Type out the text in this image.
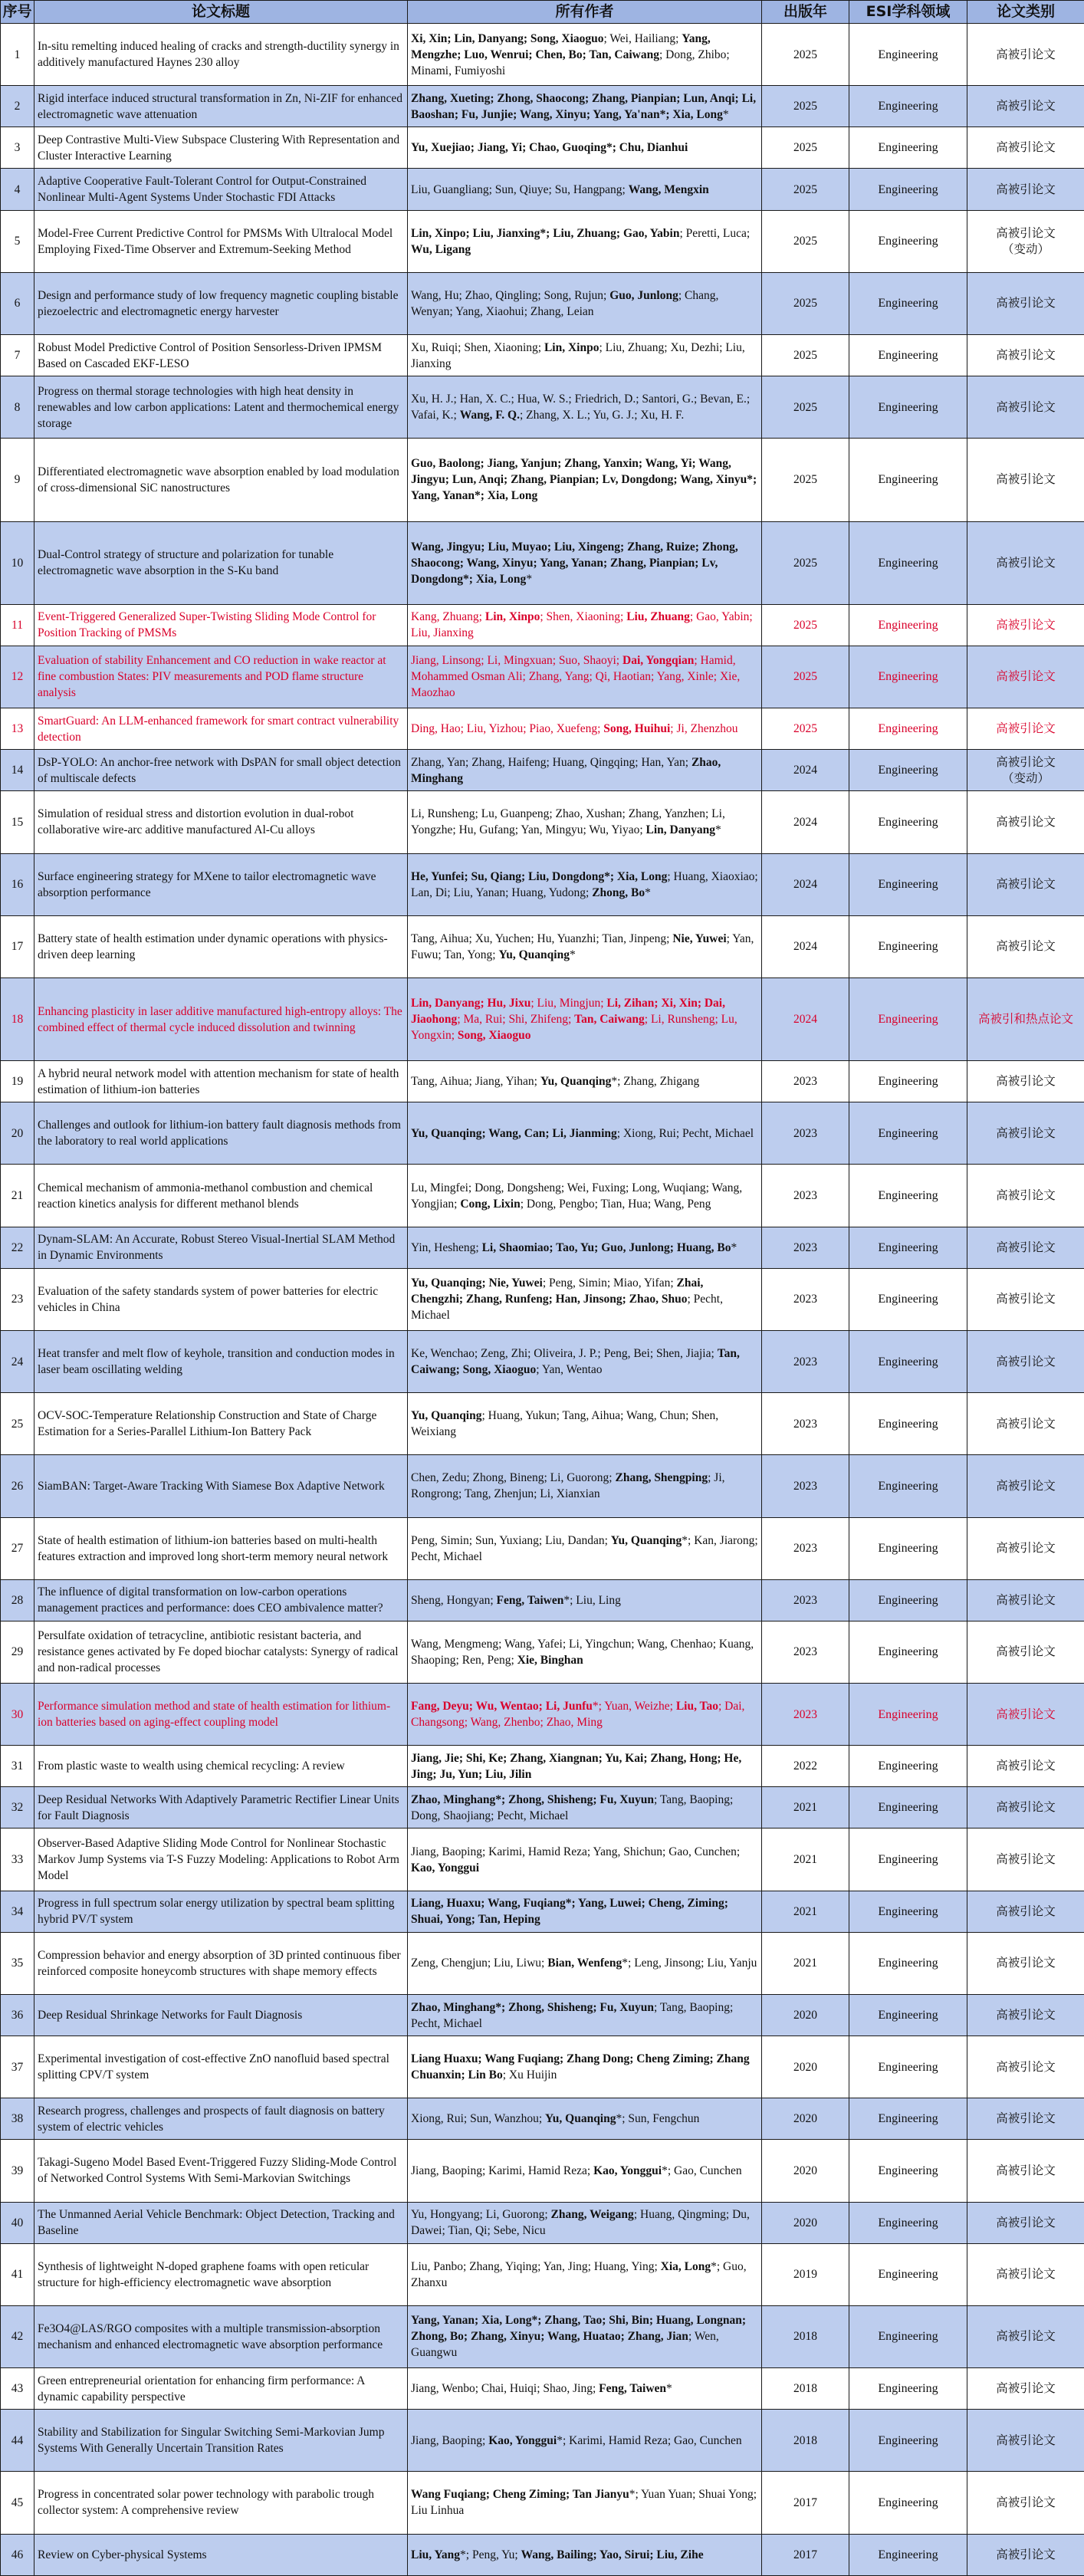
序号	论文标题	所有作者	出版年	ESI学科领域	论文类别
1	In-situ remelting induced healing of cracks and strength-ductility synergy in additively manufactured Haynes 230 alloy	Xi, Xin; Lin, Danyang; Song, Xiaoguo; Wei, Hailiang; Yang, Mengzhe; Luo, Wenrui; Chen, Bo; Tan, Caiwang; Dong, Zhibo; Minami, Fumiyoshi	2025	Engineering	高被引论文
2	Rigid interface induced structural transformation in Zn, Ni-ZIF for enhanced electromagnetic wave attenuation	Zhang, Xueting; Zhong, Shaocong; Zhang, Pianpian; Lun, Anqi; Li, Baoshan; Fu, Junjie; Wang, Xinyu; Yang, Ya'nan*; Xia, Long*	2025	Engineering	高被引论文
3	Deep Contrastive Multi-View Subspace Clustering With Representation and Cluster Interactive Learning	Yu, Xuejiao; Jiang, Yi; Chao, Guoqing*; Chu, Dianhui	2025	Engineering	高被引论文
4	Adaptive Cooperative Fault-Tolerant Control for Output-Constrained Nonlinear Multi-Agent Systems Under Stochastic FDI Attacks	Liu, Guangliang; Sun, Qiuye; Su, Hangpang; Wang, Mengxin	2025	Engineering	高被引论文
5	Model-Free Current Predictive Control for PMSMs With Ultralocal Model Employing Fixed-Time Observer and Extremum-Seeking Method	Lin, Xinpo; Liu, Jianxing*; Liu, Zhuang; Gao, Yabin; Peretti, Luca; Wu, Ligang	2025	Engineering	高被引论文
（变动）
6	Design and performance study of low frequency magnetic coupling bistable piezoelectric and electromagnetic energy harvester	Wang, Hu; Zhao, Qingling; Song, Rujun; Guo, Junlong; Chang, Wenyan; Yang, Xiaohui; Zhang, Leian	2025	Engineering	高被引论文
7	Robust Model Predictive Control of Position Sensorless-Driven IPMSM Based on Cascaded EKF-LESO	Xu, Ruiqi; Shen, Xiaoning; Lin, Xinpo; Liu, Zhuang; Xu, Dezhi; Liu, Jianxing	2025	Engineering	高被引论文
8	Progress on thermal storage technologies with high heat density in renewables and low carbon applications: Latent and thermochemical energy storage	Xu, H. J.; Han, X. C.; Hua, W. S.; Friedrich, D.; Santori, G.; Bevan, E.; Vafai, K.; Wang, F. Q.; Zhang, X. L.; Yu, G. J.; Xu, H. F.	2025	Engineering	高被引论文
9	Differentiated electromagnetic wave absorption enabled by load modulation of cross-dimensional SiC nanostructures	Guo, Baolong; Jiang, Yanjun; Zhang, Yanxin; Wang, Yi; Wang, Jingyu; Lun, Anqi; Zhang, Pianpian; Lv, Dongdong; Wang, Xinyu*; Yang, Yanan*; Xia, Long	2025	Engineering	高被引论文
10	Dual-Control strategy of structure and polarization for tunable electromagnetic wave absorption in the S-Ku band	Wang, Jingyu; Liu, Muyao; Liu, Xingeng; Zhang, Ruize; Zhong, Shaocong; Wang, Xinyu; Yang, Yanan; Zhang, Pianpian; Lv, Dongdong*; Xia, Long*	2025	Engineering	高被引论文
11	Event-Triggered Generalized Super-Twisting Sliding Mode Control for Position Tracking of PMSMs	Kang, Zhuang; Lin, Xinpo; Shen, Xiaoning; Liu, Zhuang; Gao, Yabin; Liu, Jianxing	2025	Engineering	高被引论文
12	Evaluation of stability Enhancement and CO reduction in wake reactor at fine combustion States: PIV measurements and POD flame structure analysis	Jiang, Linsong; Li, Mingxuan; Suo, Shaoyi; Dai, Yongqian; Hamid, Mohammed Osman Ali; Zhang, Yang; Qi, Haotian; Yang, Xinle; Xie, Maozhao	2025	Engineering	高被引论文
13	SmartGuard: An LLM-enhanced framework for smart contract vulnerability detection	Ding, Hao; Liu, Yizhou; Piao, Xuefeng; Song, Huihui; Ji, Zhenzhou	2025	Engineering	高被引论文
14	DsP-YOLO: An anchor-free network with DsPAN for small object detection of multiscale defects	Zhang, Yan; Zhang, Haifeng; Huang, Qingqing; Han, Yan; Zhao, Minghang	2024	Engineering	高被引论文
（变动）
15	Simulation of residual stress and distortion evolution in dual-robot collaborative wire-arc additive manufactured Al-Cu alloys	Li, Runsheng; Lu, Guanpeng; Zhao, Xushan; Zhang, Yanzhen; Li, Yongzhe; Hu, Gufang; Yan, Mingyu; Wu, Yiyao; Lin, Danyang*	2024	Engineering	高被引论文
16	Surface engineering strategy for MXene to tailor electromagnetic wave absorption performance	He, Yunfei; Su, Qiang; Liu, Dongdong*; Xia, Long; Huang, Xiaoxiao; Lan, Di; Liu, Yanan; Huang, Yudong; Zhong, Bo*	2024	Engineering	高被引论文
17	Battery state of health estimation under dynamic operations with physics-driven deep learning	Tang, Aihua; Xu, Yuchen; Hu, Yuanzhi; Tian, Jinpeng; Nie, Yuwei; Yan, Fuwu; Tan, Yong; Yu, Quanqing*	2024	Engineering	高被引论文
18	Enhancing plasticity in laser additive manufactured high-entropy alloys: The combined effect of thermal cycle induced dissolution and twinning	Lin, Danyang; Hu, Jixu; Liu, Mingjun; Li, Zihan; Xi, Xin; Dai, Jiaohong; Ma, Rui; Shi, Zhifeng; Tan, Caiwang; Li, Runsheng; Lu, Yongxin; Song, Xiaoguo	2024	Engineering	高被引和热点论文
19	A hybrid neural network model with attention mechanism for state of health estimation of lithium-ion batteries	Tang, Aihua; Jiang, Yihan; Yu, Quanqing*; Zhang, Zhigang	2023	Engineering	高被引论文
20	Challenges and outlook for lithium-ion battery fault diagnosis methods from the laboratory to real world applications	Yu, Quanqing; Wang, Can; Li, Jianming; Xiong, Rui; Pecht, Michael	2023	Engineering	高被引论文
21	Chemical mechanism of ammonia-methanol combustion and chemical reaction kinetics analysis for different methanol blends	Lu, Mingfei; Dong, Dongsheng; Wei, Fuxing; Long, Wuqiang; Wang, Yongjian; Cong, Lixin; Dong, Pengbo; Tian, Hua; Wang, Peng	2023	Engineering	高被引论文
22	Dynam-SLAM: An Accurate, Robust Stereo Visual-Inertial SLAM Method in Dynamic Environments	Yin, Hesheng; Li, Shaomiao; Tao, Yu; Guo, Junlong; Huang, Bo*	2023	Engineering	高被引论文
23	Evaluation of the safety standards system of power batteries for electric vehicles in China	Yu, Quanqing; Nie, Yuwei; Peng, Simin; Miao, Yifan; Zhai, Chengzhi; Zhang, Runfeng; Han, Jinsong; Zhao, Shuo; Pecht, Michael	2023	Engineering	高被引论文
24	Heat transfer and melt flow of keyhole, transition and conduction modes in laser beam oscillating welding	Ke, Wenchao; Zeng, Zhi; Oliveira, J. P.; Peng, Bei; Shen, Jiajia; Tan, Caiwang; Song, Xiaoguo; Yan, Wentao	2023	Engineering	高被引论文
25	OCV-SOC-Temperature Relationship Construction and State of Charge Estimation for a Series-Parallel Lithium-Ion Battery Pack	Yu, Quanqing; Huang, Yukun; Tang, Aihua; Wang, Chun; Shen, Weixiang	2023	Engineering	高被引论文
26	SiamBAN: Target-Aware Tracking With Siamese Box Adaptive Network	Chen, Zedu; Zhong, Bineng; Li, Guorong; Zhang, Shengping; Ji, Rongrong; Tang, Zhenjun; Li, Xianxian	2023	Engineering	高被引论文
27	State of health estimation of lithium-ion batteries based on multi-health features extraction and improved long short-term memory neural network	Peng, Simin; Sun, Yuxiang; Liu, Dandan; Yu, Quanqing*; Kan, Jiarong; Pecht, Michael	2023	Engineering	高被引论文
28	The influence of digital transformation on low-carbon operations management practices and performance: does CEO ambivalence matter?	Sheng, Hongyan; Feng, Taiwen*; Liu, Ling	2023	Engineering	高被引论文
29	Persulfate oxidation of tetracycline, antibiotic resistant bacteria, and resistance genes activated by Fe doped biochar catalysts: Synergy of radical and non-radical processes	Wang, Mengmeng; Wang, Yafei; Li, Yingchun; Wang, Chenhao; Kuang, Shaoping; Ren, Peng; Xie, Binghan	2023	Engineering	高被引论文
30	Performance simulation method and state of health estimation for lithium-ion batteries based on aging-effect coupling model	Fang, Deyu; Wu, Wentao; Li, Junfu*; Yuan, Weizhe; Liu, Tao; Dai, Changsong; Wang, Zhenbo; Zhao, Ming	2023	Engineering	高被引论文
31	From plastic waste to wealth using chemical recycling: A review	Jiang, Jie; Shi, Ke; Zhang, Xiangnan; Yu, Kai; Zhang, Hong; He, Jing; Ju, Yun; Liu, Jilin	2022	Engineering	高被引论文
32	Deep Residual Networks With Adaptively Parametric Rectifier Linear Units for Fault Diagnosis	Zhao, Minghang*; Zhong, Shisheng; Fu, Xuyun; Tang, Baoping; Dong, Shaojiang; Pecht, Michael	2021	Engineering	高被引论文
33	Observer-Based Adaptive Sliding Mode Control for Nonlinear Stochastic Markov Jump Systems via T-S Fuzzy Modeling: Applications to Robot Arm Model	Jiang, Baoping; Karimi, Hamid Reza; Yang, Shichun; Gao, Cunchen; Kao, Yonggui	2021	Engineering	高被引论文
34	Progress in full spectrum solar energy utilization by spectral beam splitting hybrid PV/T system	Liang, Huaxu; Wang, Fuqiang*; Yang, Luwei; Cheng, Ziming; Shuai, Yong; Tan, Heping	2021	Engineering	高被引论文
35	Compression behavior and energy absorption of 3D printed continuous fiber reinforced composite honeycomb structures with shape memory effects	Zeng, Chengjun; Liu, Liwu; Bian, Wenfeng*; Leng, Jinsong; Liu, Yanju	2021	Engineering	高被引论文
36	Deep Residual Shrinkage Networks for Fault Diagnosis	Zhao, Minghang*; Zhong, Shisheng; Fu, Xuyun; Tang, Baoping; Pecht, Michael	2020	Engineering	高被引论文
37	Experimental investigation of cost-effective ZnO nanofluid based spectral splitting CPV/T system	Liang Huaxu; Wang Fuqiang; Zhang Dong; Cheng Ziming; Zhang Chuanxin; Lin Bo; Xu Huijin	2020	Engineering	高被引论文
38	Research progress, challenges and prospects of fault diagnosis on battery system of electric vehicles	Xiong, Rui; Sun, Wanzhou; Yu, Quanqing*; Sun, Fengchun	2020	Engineering	高被引论文
39	Takagi-Sugeno Model Based Event-Triggered Fuzzy Sliding-Mode Control of Networked Control Systems With Semi-Markovian Switchings	Jiang, Baoping; Karimi, Hamid Reza; Kao, Yonggui*; Gao, Cunchen	2020	Engineering	高被引论文
40	The Unmanned Aerial Vehicle Benchmark: Object Detection, Tracking and Baseline	Yu, Hongyang; Li, Guorong; Zhang, Weigang; Huang, Qingming; Du, Dawei; Tian, Qi; Sebe, Nicu	2020	Engineering	高被引论文
41	Synthesis of lightweight N-doped graphene foams with open reticular structure for high-efficiency electromagnetic wave absorption	Liu, Panbo; Zhang, Yiqing; Yan, Jing; Huang, Ying; Xia, Long*; Guo, Zhanxu	2019	Engineering	高被引论文
42	Fe3O4@LAS/RGO composites with a multiple transmission-absorption mechanism and enhanced electromagnetic wave absorption performance	Yang, Yanan; Xia, Long*; Zhang, Tao; Shi, Bin; Huang, Longnan; Zhong, Bo; Zhang, Xinyu; Wang, Huatao; Zhang, Jian; Wen, Guangwu	2018	Engineering	高被引论文
43	Green entrepreneurial orientation for enhancing firm performance: A dynamic capability perspective	Jiang, Wenbo; Chai, Huiqi; Shao, Jing; Feng, Taiwen*	2018	Engineering	高被引论文
44	Stability and Stabilization for Singular Switching Semi-Markovian Jump Systems With Generally Uncertain Transition Rates	Jiang, Baoping; Kao, Yonggui*; Karimi, Hamid Reza; Gao, Cunchen	2018	Engineering	高被引论文
45	Progress in concentrated solar power technology with parabolic trough collector system: A comprehensive review	Wang Fuqiang; Cheng Ziming; Tan Jianyu*; Yuan Yuan; Shuai Yong; Liu Linhua	2017	Engineering	高被引论文
46	Review on Cyber-physical Systems	Liu, Yang*; Peng, Yu; Wang, Bailing; Yao, Sirui; Liu, Zihe	2017	Engineering	高被引论文
